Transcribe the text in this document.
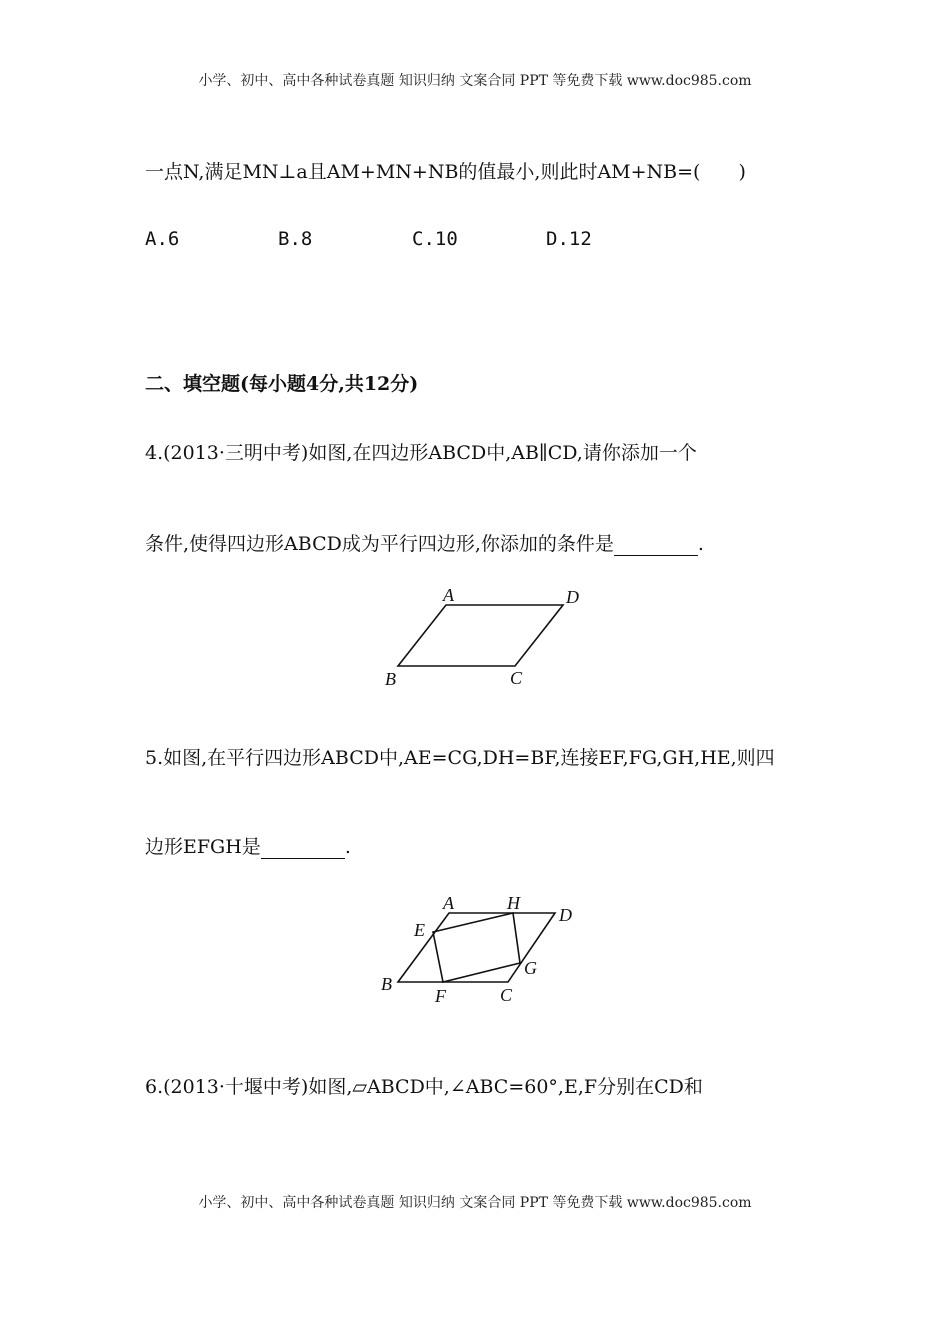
小学、初中、高中各种试卷真题 知识归纳 文案合同 PPT 等免费下载 www.doc985.com
一点N,满足MN⊥a且AM+MN+NB的值最小,则此时AM+NB=(　　)
A.6	B.8	C.10	D.12
二、填空题(每小题4分,共12分)
4.(2013·三明中考)如图,在四边形ABCD中,AB∥CD,请你添加一个
条件,使得四边形ABCD成为平行四边形,你添加的条件是	.
A	D
B	C
A	H
D
E
G
B
F	C
5.如图,在平行四边形ABCD中,AE=CG,DH=BF,连接EF,FG,GH,HE,则四
边形EFGH是	.
6.(2013·十堰中考)如图,▱ABCD中,∠ABC=60°,E,F分别在CD和
小学、初中、高中各种试卷真题 知识归纳 文案合同 PPT 等免费下载 www.doc985.com
